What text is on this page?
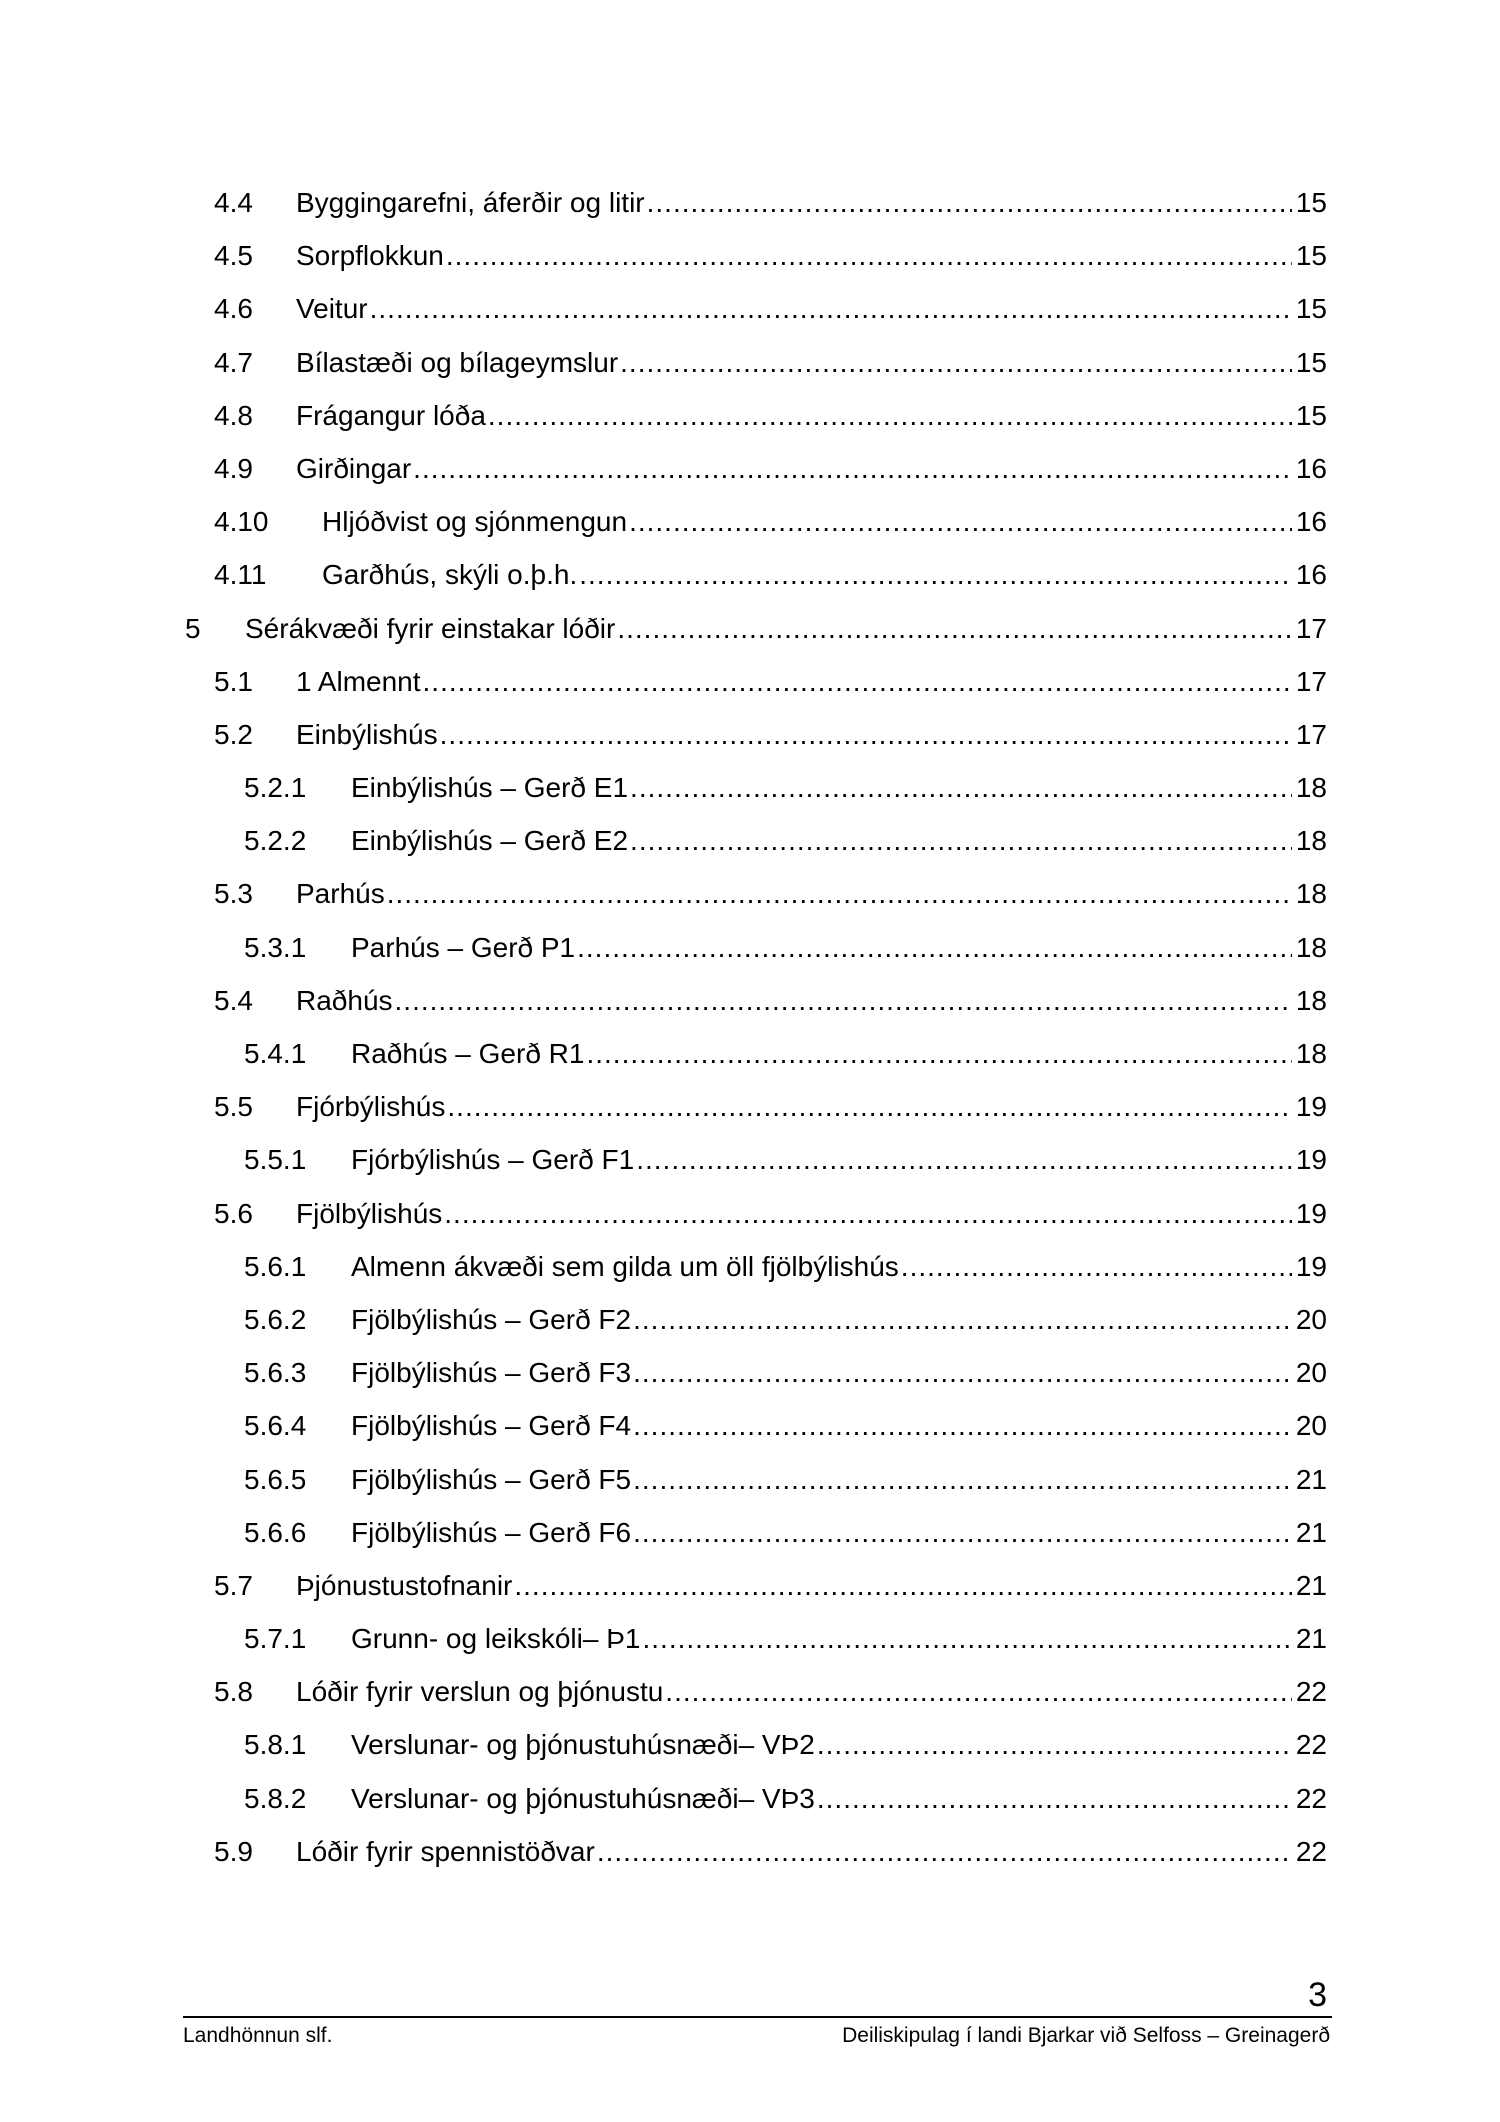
4.4 Byggingarefni, áferðir og litir .....	15
4.5 Sorpflokkun .....	15
4.6 Veitur .....	15
4.7 Bílastæði og bílageymslur .....	15
4.8 Frágangur lóða .....	15
4.9 Girðingar .....	16
4.10 Hljóðvist og sjónmengun .....	16
4.11 Garðhús, skýli o.þ.h. .....	16
5 Sérákvæði fyrir einstakar lóðir .....	17
5.1 1 Almennt .....	17
5.2 Einbýlishús .....	17
5.2.1 Einbýlishús – Gerð E1 .....	18
5.2.2 Einbýlishús – Gerð E2 .....	18
5.3 Parhús .....	18
5.3.1 Parhús – Gerð P1 .....	18
5.4 Raðhús .....	18
5.4.1 Raðhús – Gerð R1 .....	18
5.5 Fjórbýlishús .....	19
5.5.1 Fjórbýlishús – Gerð F1 .....	19
5.6 Fjölbýlishús .....	19
5.6.1 Almenn ákvæði sem gilda um öll fjölbýlishús .....	19
5.6.2 Fjölbýlishús – Gerð F2 .....	20
5.6.3 Fjölbýlishús – Gerð F3 .....	20
5.6.4 Fjölbýlishús – Gerð F4 .....	20
5.6.5 Fjölbýlishús – Gerð F5 .....	21
5.6.6 Fjölbýlishús – Gerð F6 .....	21
5.7 Þjónustustofnanir .....	21
5.7.1 Grunn- og leikskóli– Þ1 .....	21
5.8 Lóðir fyrir verslun og þjónustu .....	22
5.8.1 Verslunar- og þjónustuhúsnæði– VÞ2 .....	22
5.8.2 Verslunar- og þjónustuhúsnæði– VÞ3 .....	22
5.9 Lóðir fyrir spennistöðvar .....	22
3
Landhönnun slf.	Deiliskipulag í landi Bjarkar við Selfoss – Greinagerð
